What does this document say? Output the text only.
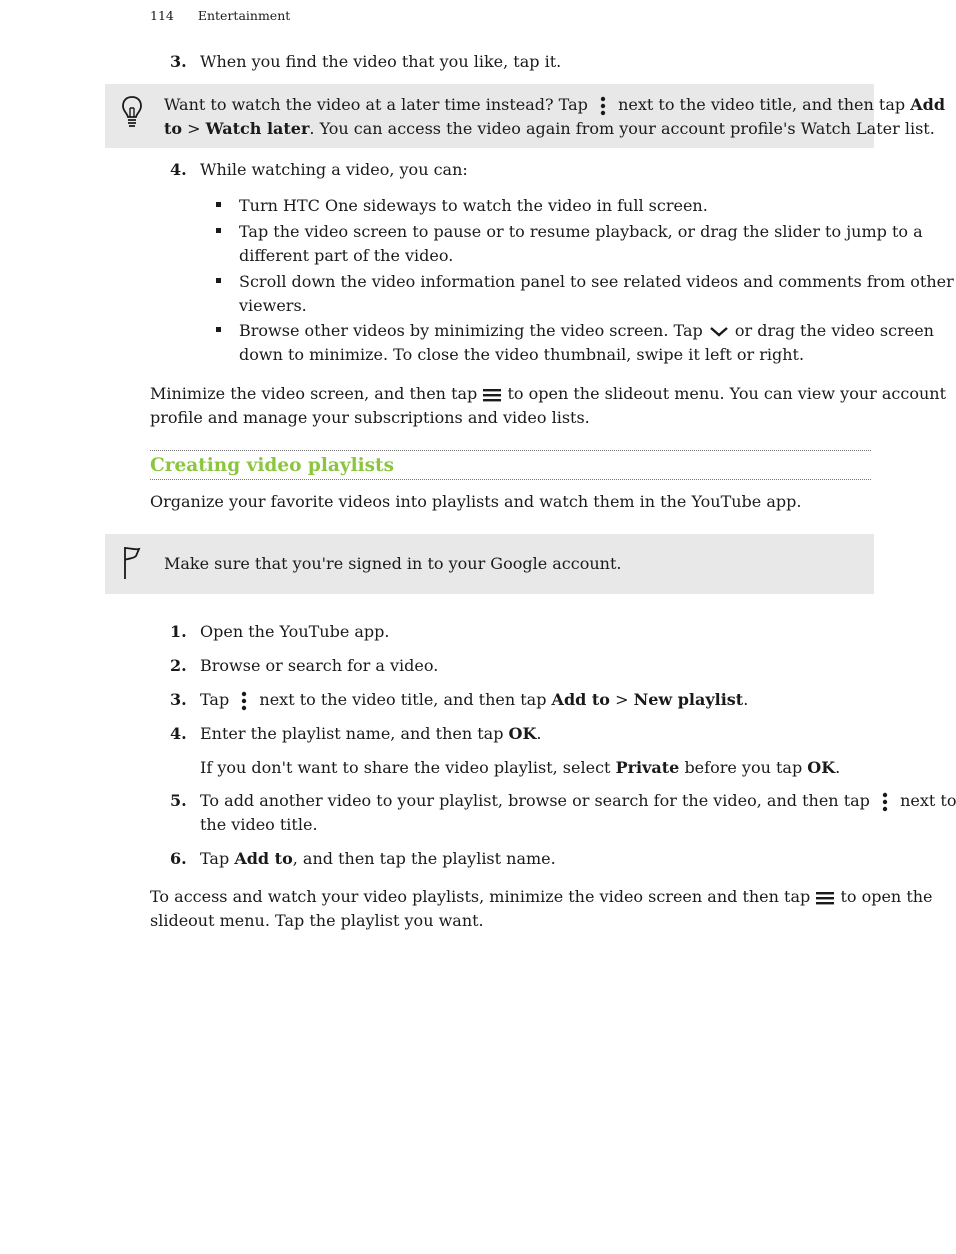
114 Entertainment
3. When you find the video that you like, tap it.
Want to watch the video at a later time instead? Tap next to the video title, and then tap Add
to > Watch later. You can access the video again from your account profile's Watch Later list.
4. While watching a video, you can:
Turn HTC One sideways to watch the video in full screen.
Tap the video screen to pause or to resume playback, or drag the slider to jump to a
different part of the video.
Scroll down the video information panel to see related videos and comments from other
viewers.
Browse other videos by minimizing the video screen. Tap or drag the video screen
down to minimize. To close the video thumbnail, swipe it left or right.
Minimize the video screen, and then tap to open the slideout menu. You can view your account
profile and manage your subscriptions and video lists.
Creating video playlists
Organize your favorite videos into playlists and watch them in the YouTube app.
Make sure that you're signed in to your Google account.
1. Open the YouTube app.
2. Browse or search for a video.
3. Tap next to the video title, and then tap Add to > New playlist.
4. Enter the playlist name, and then tap OK.
If you don't want to share the video playlist, select Private before you tap OK.
5. To add another video to your playlist, browse or search for the video, and then tap next to
the video title.
6. Tap Add to, and then tap the playlist name.
To access and watch your video playlists, minimize the video screen and then tap to open the
slideout menu. Tap the playlist you want.
